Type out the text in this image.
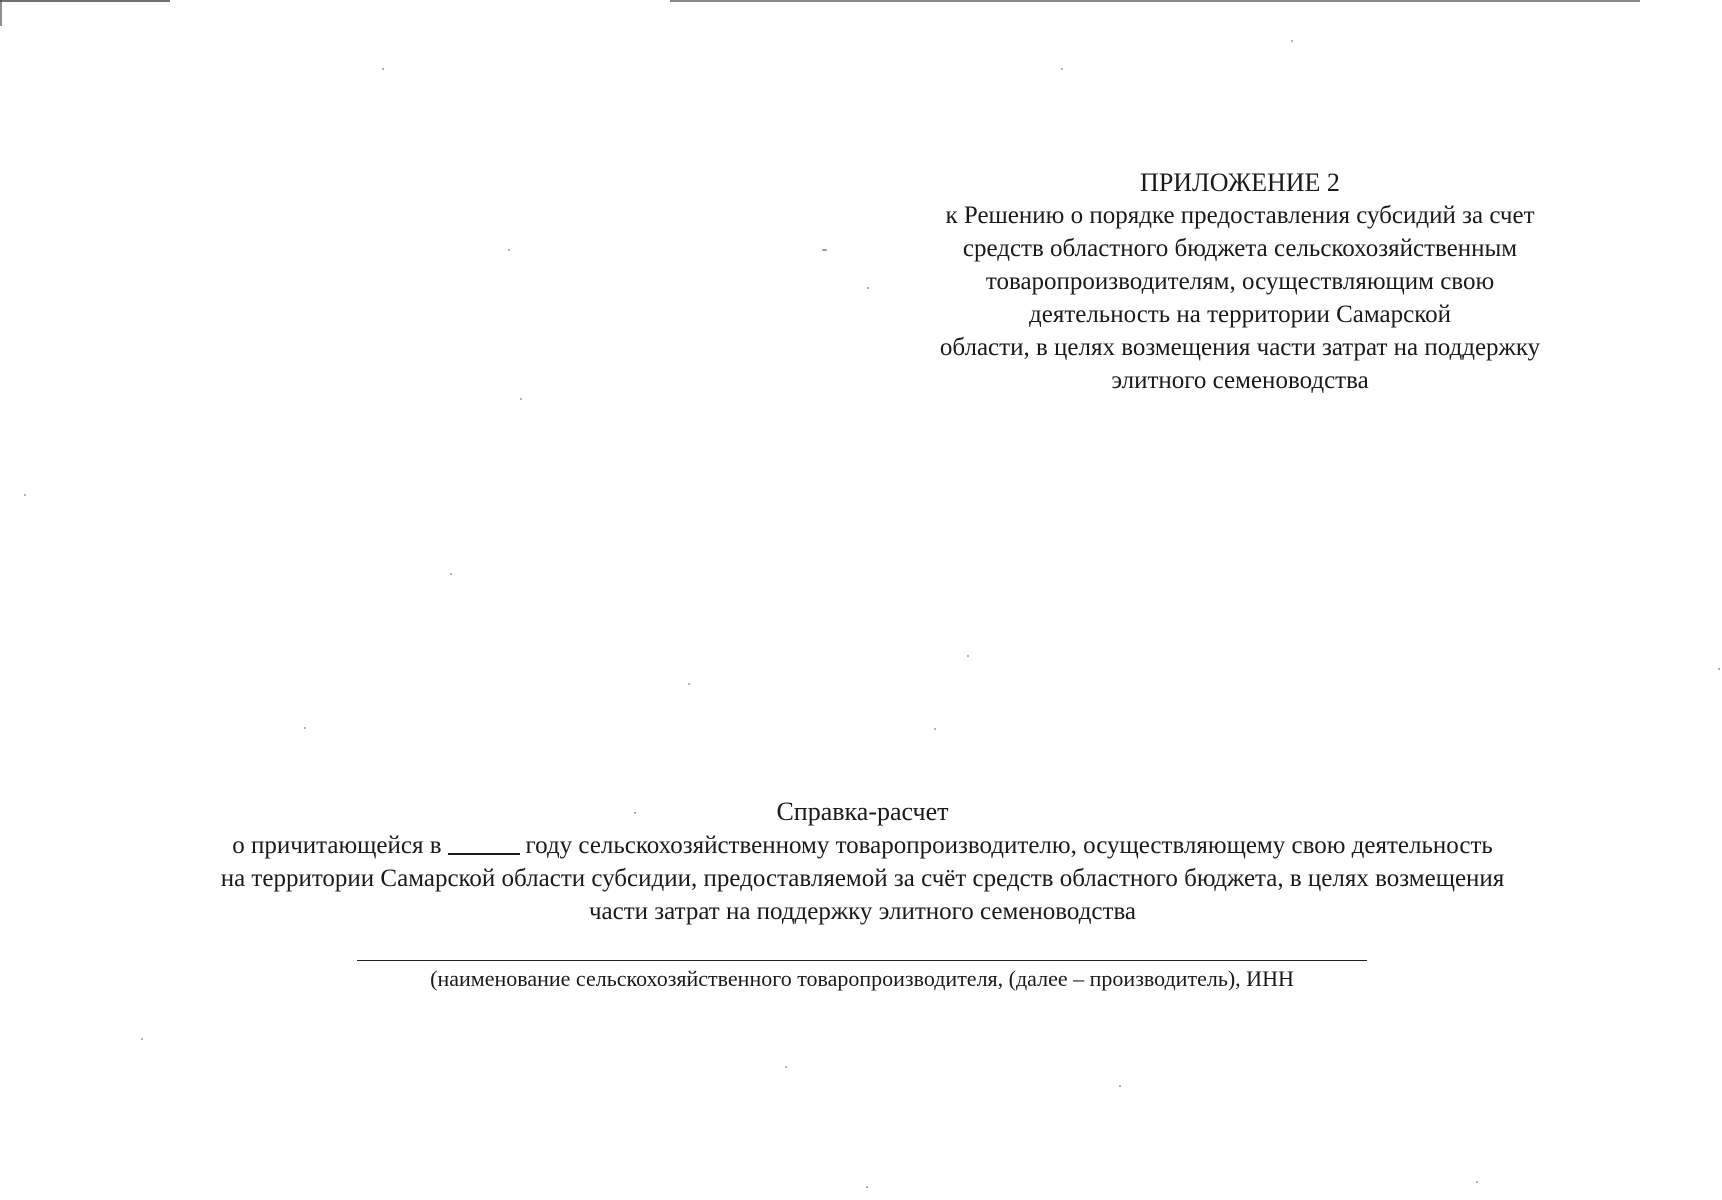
ПРИЛОЖЕНИЕ 2
к Решению о порядке предоставления субсидий за счет
средств областного бюджета сельскохозяйственным
товаропроизводителям, осуществляющим свою
деятельность на территории Самарской
области, в целях возмещения части затрат на поддержку
элитного семеноводства
Справка-расчет
о причитающейся в	году сельскохозяйственному товаропроизводителю, осуществляющему свою деятельность
на территории Самарской области субсидии, предоставляемой за счёт средств областного бюджета, в целях возмещения
части затрат на поддержку элитного семеноводства
(наименование сельскохозяйственного товаропроизводителя, (далее – производитель), ИНН
